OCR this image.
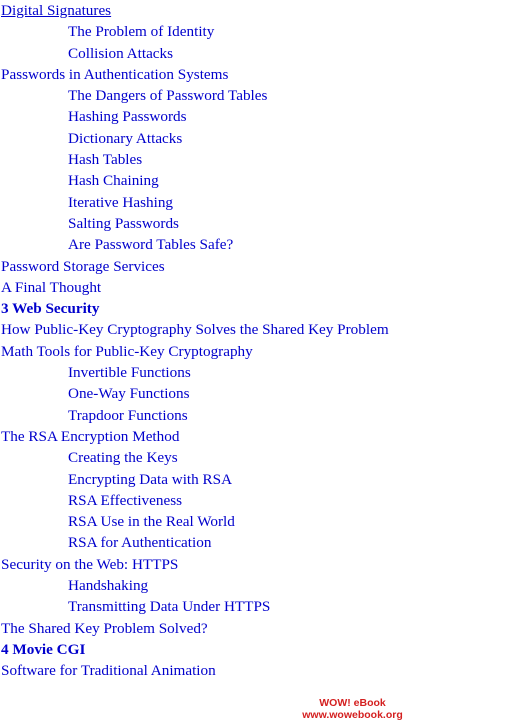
Digital Signatures
The Problem of Identity
Collision Attacks
Passwords in Authentication Systems
The Dangers of Password Tables
Hashing Passwords
Dictionary Attacks
Hash Tables
Hash Chaining
Iterative Hashing
Salting Passwords
Are Password Tables Safe?
Password Storage Services
A Final Thought
3 Web Security
How Public-Key Cryptography Solves the Shared Key Problem
Math Tools for Public-Key Cryptography
Invertible Functions
One-Way Functions
Trapdoor Functions
The RSA Encryption Method
Creating the Keys
Encrypting Data with RSA
RSA Effectiveness
RSA Use in the Real World
RSA for Authentication
Security on the Web: HTTPS
Handshaking
Transmitting Data Under HTTPS
The Shared Key Problem Solved?
4 Movie CGI
Software for Traditional Animation
WOW! eBook
www.wowebook.org
